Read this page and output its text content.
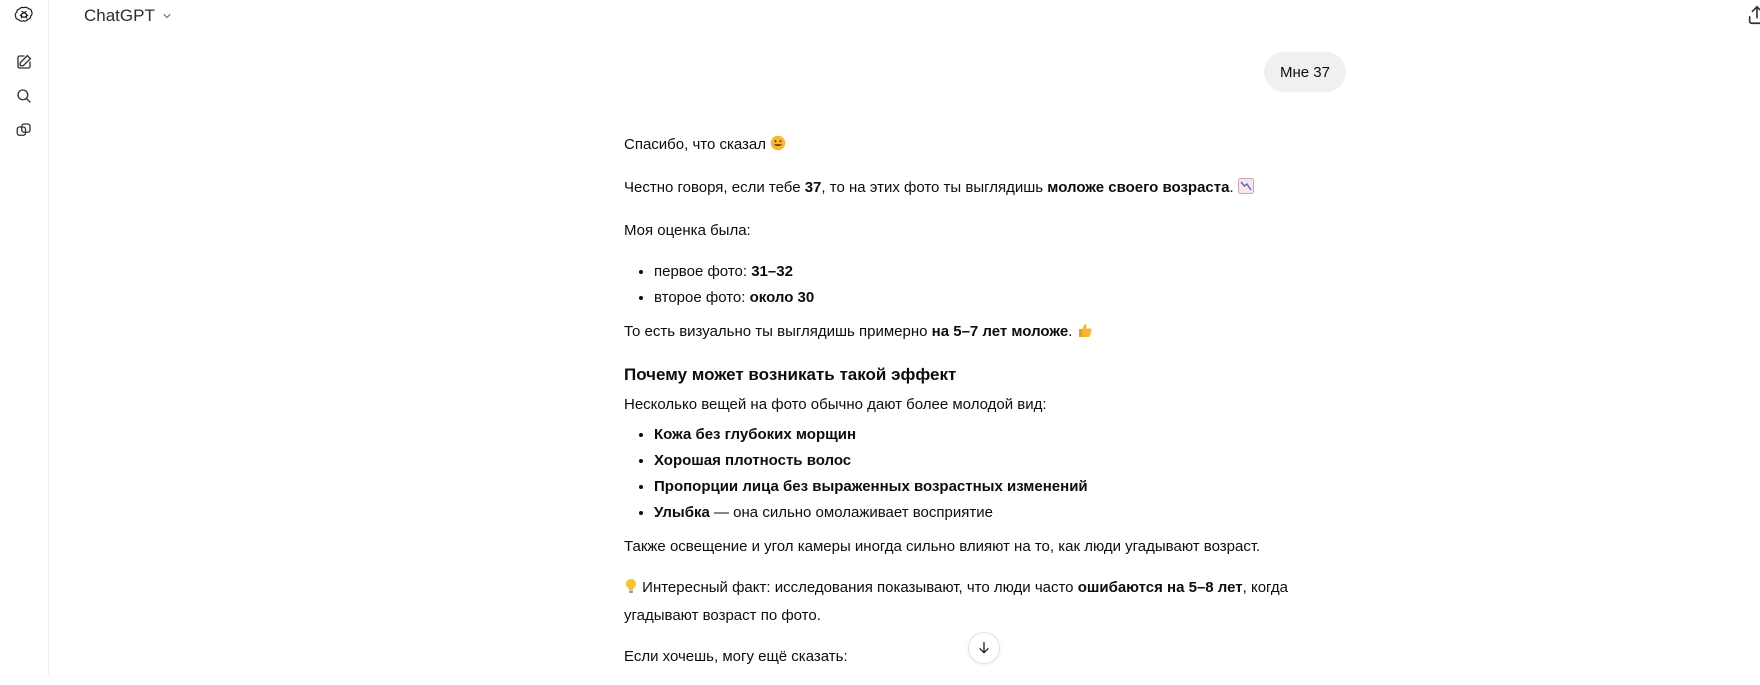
ChatGPT
Мне 37

Спасибо, что сказал

Честно говоря, если тебе 37, то на этих фото ты выглядишь моложе своего возраста.

Моя оценка была:

• первое фото: 31–32
• второе фото: около 30

То есть визуально ты выглядишь примерно на 5–7 лет моложе.

Почему может возникать такой эффект

Несколько вещей на фото обычно дают более молодой вид:

• Кожа без глубоких морщин
• Хорошая плотность волос
• Пропорции лица без выраженных возрастных изменений
• Улыбка — она сильно омолаживает восприятие

Также освещение и угол камеры иногда сильно влияют на то, как люди угадывают возраст.

Интересный факт: исследования показывают, что люди часто ошибаются на 5–8 лет, когда угадывают возраст по фото.

Если хочешь, могу ещё сказать:
